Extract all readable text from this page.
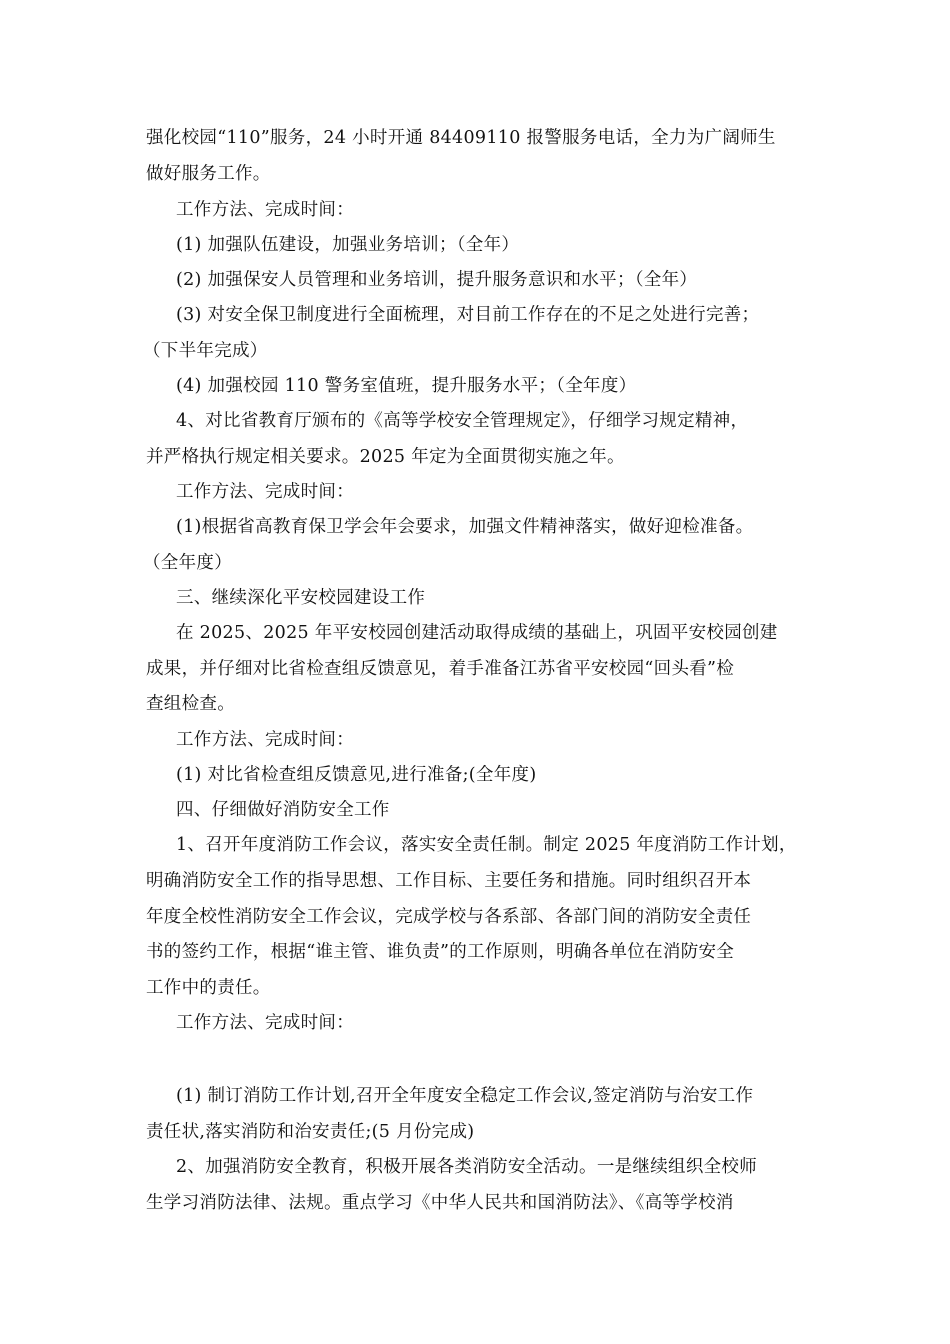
强化校园“110”服务，24 小时开通 84409110 报警服务电话，全力为广阔师生
做好服务工作。
工作方法、完成时间：
(1) 加强队伍建设，加强业务培训；（全年）
(2) 加强保安人员管理和业务培训，提升服务意识和水平；（全年）
(3) 对安全保卫制度进行全面梳理，对目前工作存在的不足之处进行完善；
（下半年完成）
(4) 加强校园 110 警务室值班，提升服务水平；（全年度）
4、对比省教育厅颁布的《高等学校安全管理规定》，仔细学习规定精神，
并严格执行规定相关要求。2025 年定为全面贯彻实施之年。
工作方法、完成时间：
(1)根据省高教育保卫学会年会要求，加强文件精神落实，做好迎检准备。
（全年度）
三、继续深化平安校园建设工作
在 2025、2025 年平安校园创建活动取得成绩的基础上，巩固平安校园创建
成果，并仔细对比省检查组反馈意见，着手准备江苏省平安校园“回头看”检
查组检查。
工作方法、完成时间：
(1) 对比省检查组反馈意见,进行准备;(全年度)
四、仔细做好消防安全工作
1、召开年度消防工作会议，落实安全责任制。制定 2025 年度消防工作计划，
明确消防安全工作的指导思想、工作目标、主要任务和措施。同时组织召开本
年度全校性消防安全工作会议，完成学校与各系部、各部门间的消防安全责任
书的签约工作，根据“谁主管、谁负责”的工作原则，明确各单位在消防安全
工作中的责任。
工作方法、完成时间：
(1) 制订消防工作计划,召开全年度安全稳定工作会议,签定消防与治安工作
责任状,落实消防和治安责任;(5 月份完成)
2、加强消防安全教育，积极开展各类消防安全活动。一是继续组织全校师
生学习消防法律、法规。重点学习《中华人民共和国消防法》、《高等学校消
